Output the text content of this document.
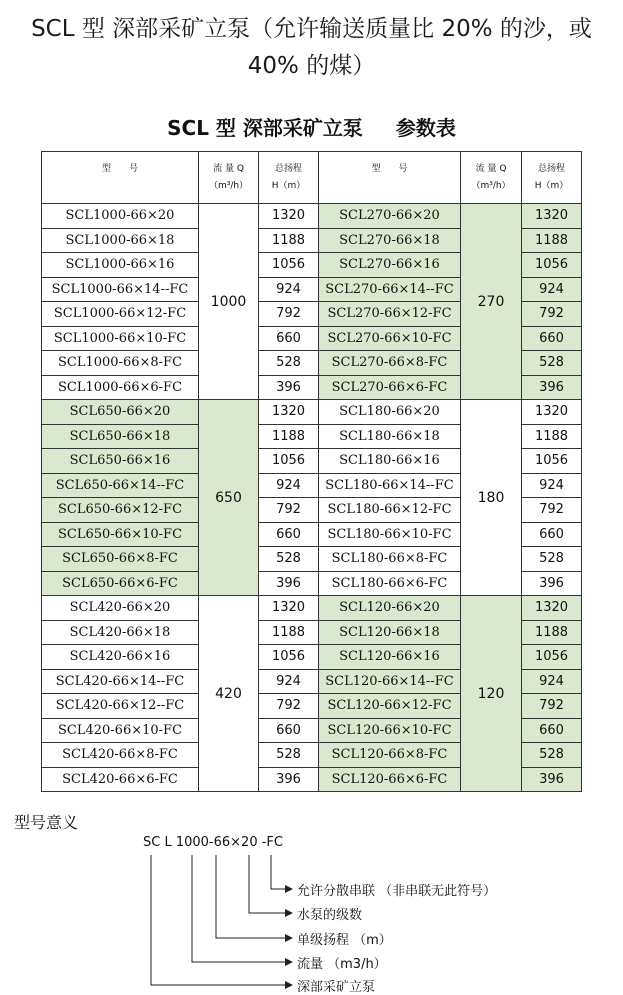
SCL 型 深部采矿立泵（允许输送质量比 20% 的沙，或
40% 的煤）
SCL 型 深部采矿立泵 参数表
型　　号	流 量 Q
（m³/h）	总扬程
H（m）	型　　号	流 量 Q
（m³/h）	总扬程
H（m）
SCL1000-66×20	1000	1320	SCL270-66×20	270	1320
SCL1000-66×18		1188	SCL270-66×18		1188
SCL1000-66×16		1056	SCL270-66×16		1056
SCL1000-66×14--FC		924	SCL270-66×14--FC		924
SCL1000-66×12-FC		792	SCL270-66×12-FC		792
SCL1000-66×10-FC		660	SCL270-66×10-FC		660
SCL1000-66×8-FC		528	SCL270-66×8-FC		528
SCL1000-66×6-FC		396	SCL270-66×6-FC		396
SCL650-66×20	650	1320	SCL180-66×20	180	1320
SCL650-66×18		1188	SCL180-66×18		1188
SCL650-66×16		1056	SCL180-66×16		1056
SCL650-66×14--FC		924	SCL180-66×14--FC		924
SCL650-66×12-FC		792	SCL180-66×12-FC		792
SCL650-66×10-FC		660	SCL180-66×10-FC		660
SCL650-66×8-FC		528	SCL180-66×8-FC		528
SCL650-66×6-FC		396	SCL180-66×6-FC		396
SCL420-66×20	420	1320	SCL120-66×20	120	1320
SCL420-66×18		1188	SCL120-66×18		1188
SCL420-66×16		1056	SCL120-66×16		1056
SCL420-66×14--FC		924	SCL120-66×14--FC		924
SCL420-66×12--FC		792	SCL120-66×12-FC		792
SCL420-66×10-FC		660	SCL120-66×10-FC		660
SCL420-66×8-FC		528	SCL120-66×8-FC		528
SCL420-66×6-FC		396	SCL120-66×6-FC		396
型号意义
SC L 1000-66×20 -FC
允许分散串联 （非串联无此符号）
水泵的级数
单级扬程 （m）
流量 （m3/h）
深部采矿立泵
